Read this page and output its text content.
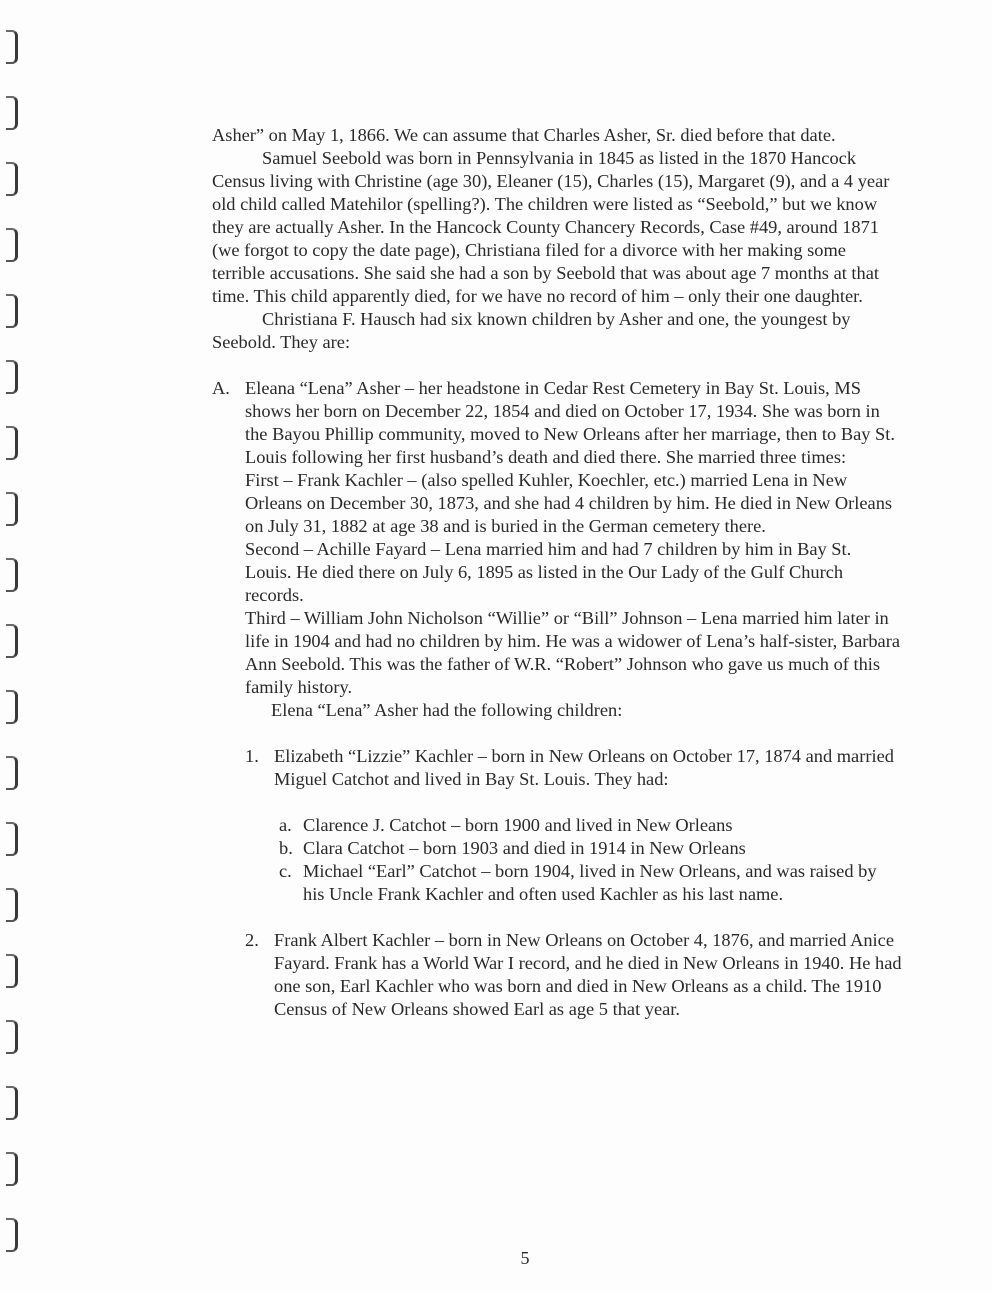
Asher” on May 1, 1866. We can assume that Charles Asher, Sr. died before that date.

Samuel Seebold was born in Pennsylvania in 1845 as listed in the 1870 Hancock Census living with Christine (age 30), Eleaner (15), Charles (15), Margaret (9), and a 4 year old child called Matehilor (spelling?). The children were listed as “Seebold,” but we know they are actually Asher. In the Hancock County Chancery Records, Case #49, around 1871 (we forgot to copy the date page), Christiana filed for a divorce with her making some terrible accusations. She said she had a son by Seebold that was about age 7 months at that time. This child apparently died, for we have no record of him – only their one daughter.

Christiana F. Hausch had six known children by Asher and one, the youngest by Seebold. They are:

A. Eleana “Lena” Asher – her headstone in Cedar Rest Cemetery in Bay St. Louis, MS shows her born on December 22, 1854 and died on October 17, 1934. She was born in the Bayou Phillip community, moved to New Orleans after her marriage, then to Bay St. Louis following her first husband’s death and died there. She married three times:

First – Frank Kachler – (also spelled Kuhler, Koechler, etc.) married Lena in New Orleans on December 30, 1873, and she had 4 children by him. He died in New Orleans on July 31, 1882 at age 38 and is buried in the German cemetery there.

Second – Achille Fayard – Lena married him and had 7 children by him in Bay St. Louis. He died there on July 6, 1895 as listed in the Our Lady of the Gulf Church records.

Third – William John Nicholson “Willie” or “Bill” Johnson – Lena married him later in life in 1904 and had no children by him. He was a widower of Lena’s half-sister, Barbara Ann Seebold. This was the father of W.R. “Robert” Johnson who gave us much of this family history.

Elena “Lena” Asher had the following children:

1. Elizabeth “Lizzie” Kachler – born in New Orleans on October 17, 1874 and married Miguel Catchot and lived in Bay St. Louis. They had:

a. Clarence J. Catchot – born 1900 and lived in New Orleans

b. Clara Catchot – born 1903 and died in 1914 in New Orleans

c. Michael “Earl” Catchot – born 1904, lived in New Orleans, and was raised by his Uncle Frank Kachler and often used Kachler as his last name.

2. Frank Albert Kachler – born in New Orleans on October 4, 1876, and married Anice Fayard. Frank has a World War I record, and he died in New Orleans in 1940. He had one son, Earl Kachler who was born and died in New Orleans as a child. The 1910 Census of New Orleans showed Earl as age 5 that year.

5
